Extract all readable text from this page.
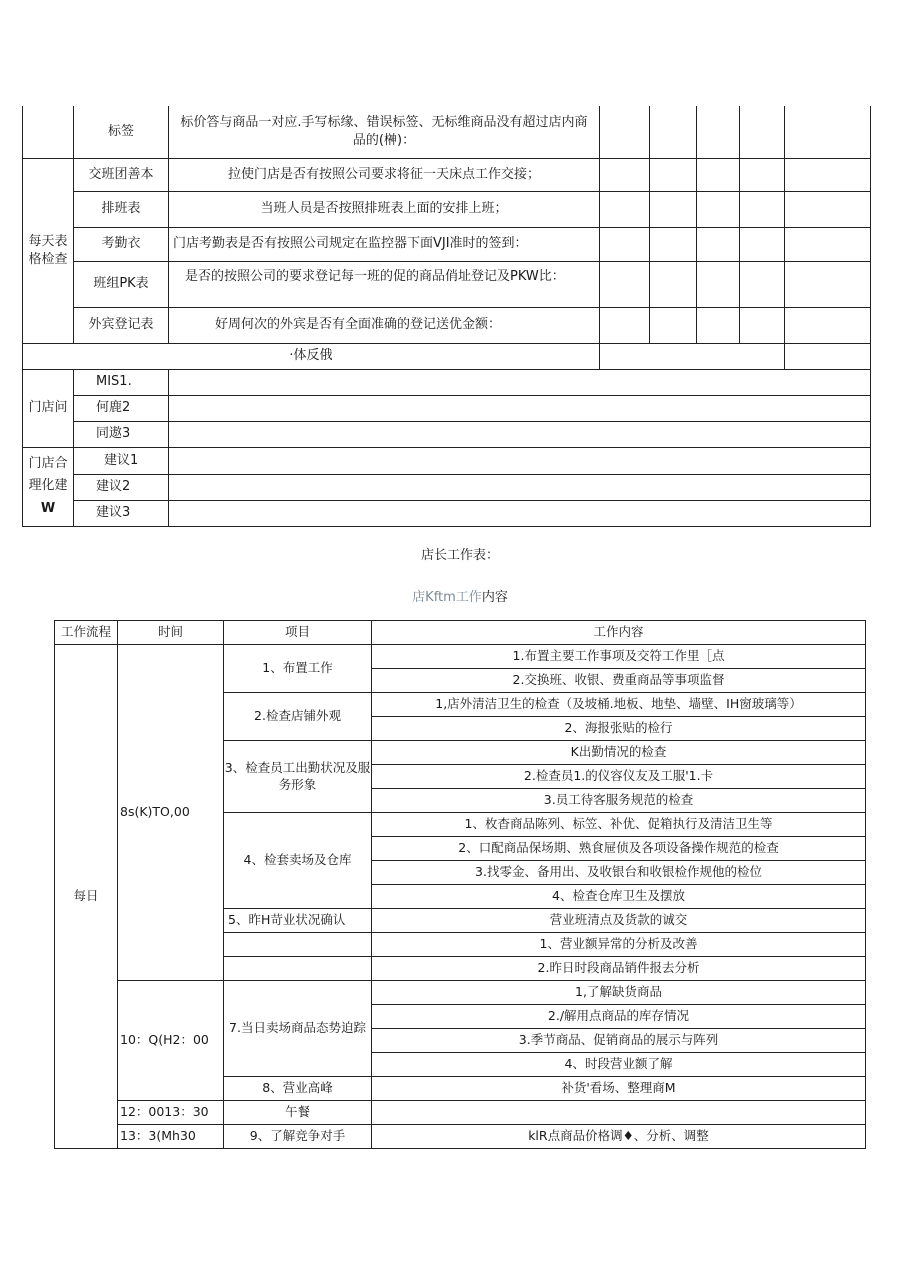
	标签	标价答与商品一对应.手写标缘、错误标签、无标维商品没有超过店内商品的(榊)：					
每天表格检查	交班团善本	拉使门店是否有按照公司要求将征一天床点工作交接；					
	排班表	当班人员是否按照排班表上面的安排上班；					
	考勤衣	门店考勤表是否有按照公司规定在监控器下面VJI准时的签到：					
	班组PK表	是否的按照公司的要求登记每一班的促的商品俏址登记及PKW比：					
	外宾登记表	好周何次的外宾是否有全面准确的登记送优金额：					
·体反俄							
门店问	MIS1.						
	何鹿2						
	同遨3						

门店合
理化建
W	建议1						
	建议2						
	建议3						
店长工作表：
店Kftm工作内容
工作流程	时间	项目	工作内容
每日	8s(K)TO,00	1、布置工作	1.布置主要工作事项及交符工作里［点
			2.交换班、收银、费重商品等事项监督
		2.检查店铺外观	1,店外清洁卫生的检查（及坡桶.地板、地垫、墙壁、IH窗玻璃等）
			2、海报张贴的检行
		3、检查员工出勤状况及服务形象	K出勤情况的检查
			2.检查员1.的仪容仪友及工服'1.卡
			3.员工待客服务规范的检查
		4、检套卖场及仓库	1、枚杳商品陈列、标笠、补优、促箱执行及清洁卫生等
			2、口配商品保场期、熟食屉侦及各项设备操作规范的检查
			3.找零金、备用出、及收银台和收银检作规他的检位
			4、检查仓库卫生及摆放
		5、昨H苛业状况确认	营业班清点及货款的诚交
			1、营业额异常的分析及改善
			2.昨日时段商品销件报去分析
	10：Q(H2：00	7.当日卖场商品态势迫踪	1,了解缺货商品
			2./解用点商品的库存情况
			3.季节商品、促销商品的展示与阵列
			4、时段营业额了解
		8、营业高峰	补货'看场、整理商M
	12：0013：30	午餐	
	13：3(Mh30	9、了解竞争对手	klR点商品价格调♦、分析、调整
